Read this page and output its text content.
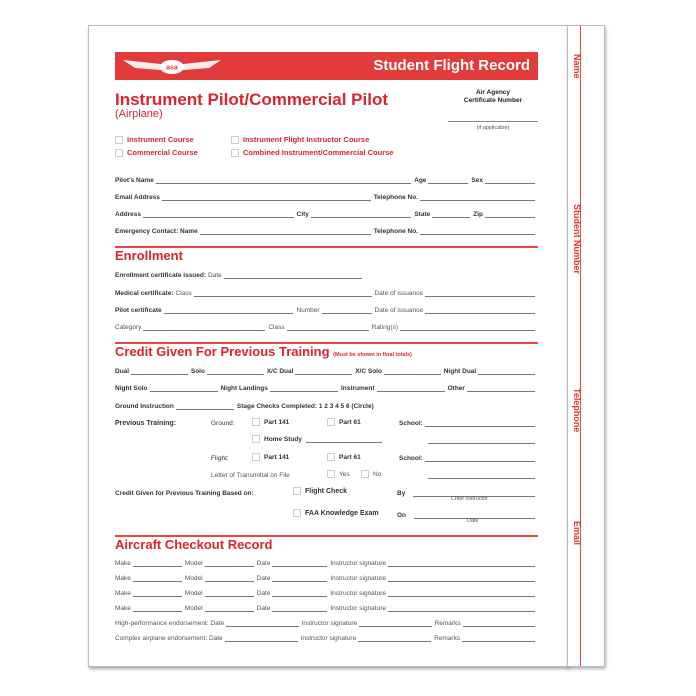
Name
Student Number
Telephone
Email
asa	Student Flight Record
Instrument Pilot/Commercial Pilot
(Airplane)
Air Agency
Certificate Number
(if applicable)
Instrument Course
Commercial Course
Instrument Flight Instructor Course
Combined Instrument/Commercial Course
Pilot's Name	Age	Sex
Email Address	Telephone No.
Address	City	State	Zip
Emergency Contact: Name	Telephone No.
Enrollment
Enrollment certificate issued: Date
Medical certificate: Class	Date of issuance
Pilot certificate	Number	Date of issuance
Category	Class	Rating(s)
Credit Given For Previous Training (Must be shown in final totals)
Dual	Solo	X/C Dual	X/C Solo	Night Dual
Night Solo	Night Landings	Instrument	Other
Ground Instruction	Stage Checks Completed: 1 2 3 4 5 6 (Circle)
Previous Training:	Ground:	Part 141	Part 61	School:
Home Study
Flight:	Part 141	Part 61	School:
Letter of Transmittal on File	Yes	No
Credit Given for Previous Training Based on:	Flight Check	By
Chief instructor
FAA Knowledge Exam	On
Date
Aircraft Checkout Record
Make	Model	Date	Instructor signature
Make	Model	Date	Instructor signature
Make	Model	Date	Instructor signature
Make	Model	Date	Instructor signature
High-performance endorsement: Date	Instructor signature	Remarks
Complex airplane endorsement: Date	Instructor signature	Remarks
